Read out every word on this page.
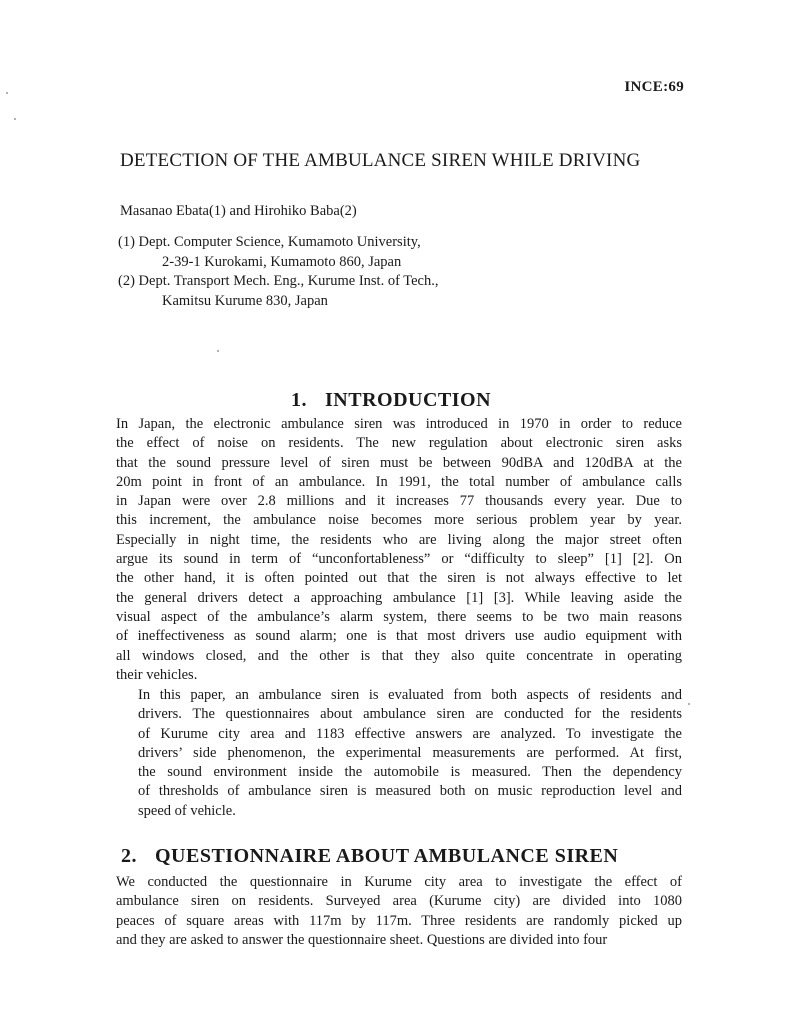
INCE:69
DETECTION OF THE AMBULANCE SIREN WHILE DRIVING
Masanao Ebata(1) and Hirohiko Baba(2)
(1) Dept. Computer Science, Kumamoto University,
2-39-1 Kurokami, Kumamoto 860, Japan
(2) Dept. Transport Mech. Eng., Kurume Inst. of Tech.,
Kamitsu Kurume 830, Japan
1. INTRODUCTION
In Japan, the electronic ambulance siren was introduced in 1970 in order to reduce
the effect of noise on residents. The new regulation about electronic siren asks
that the sound pressure level of siren must be between 90dBA and 120dBA at the
20m point in front of an ambulance. In 1991, the total number of ambulance calls
in Japan were over 2.8 millions and it increases 77 thousands every year. Due to
this increment, the ambulance noise becomes more serious problem year by year.
Especially in night time, the residents who are living along the major street often
argue its sound in term of “unconfortableness” or “difficulty to sleep” [1] [2]. On
the other hand, it is often pointed out that the siren is not always effective to let
the general drivers detect a approaching ambulance [1] [3]. While leaving aside the
visual aspect of the ambulance’s alarm system, there seems to be two main reasons
of ineffectiveness as sound alarm; one is that most drivers use audio equipment with
all windows closed, and the other is that they also quite concentrate in operating
their vehicles.
In this paper, an ambulance siren is evaluated from both aspects of residents and
drivers. The questionnaires about ambulance siren are conducted for the residents
of Kurume city area and 1183 effective answers are analyzed. To investigate the
drivers’ side phenomenon, the experimental measurements are performed. At first,
the sound environment inside the automobile is measured. Then the dependency
of thresholds of ambulance siren is measured both on music reproduction level and
speed of vehicle.
2. QUESTIONNAIRE ABOUT AMBULANCE SIREN
We conducted the questionnaire in Kurume city area to investigate the effect of
ambulance siren on residents. Surveyed area (Kurume city) are divided into 1080
peaces of square areas with 117m by 117m. Three residents are randomly picked up
and they are asked to answer the questionnaire sheet. Questions are divided into four
